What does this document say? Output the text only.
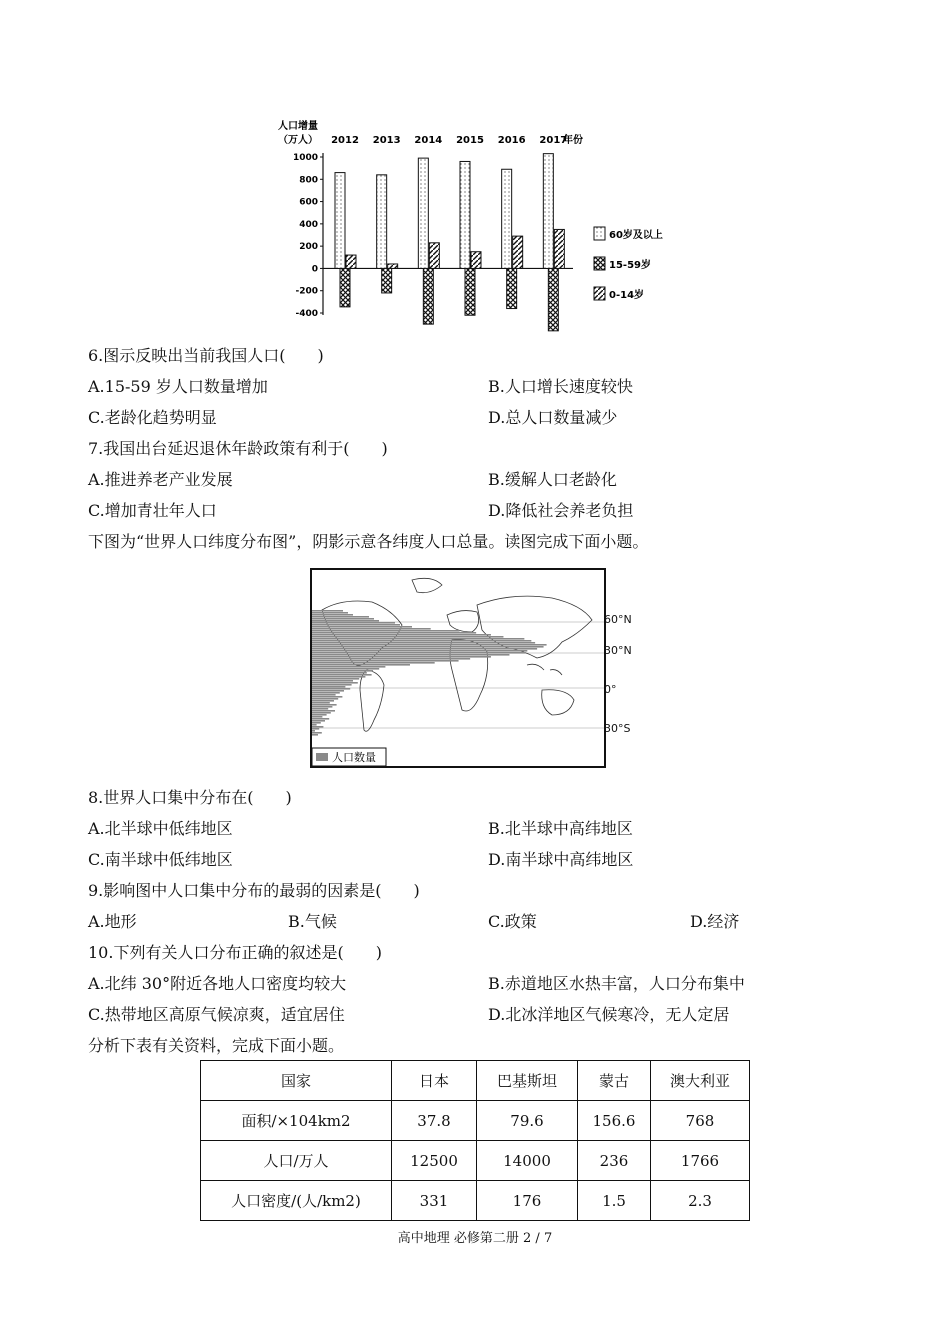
人口增量
（万人）	年份
1000
800
600
400
200
0
-200
-400
2012 2013 2014 2015 2016 2017
60岁及以上
15-59岁
0-14岁
6.图示反映出当前我国人口(　　)
A.15-59 岁人口数量增加	B.人口增长速度较快
C.老龄化趋势明显	D.总人口数量减少
7.我国出台延迟退休年龄政策有利于(　　)
A.推进养老产业发展	B.缓解人口老龄化
C.增加青壮年人口	D.降低社会养老负担
下图为“世界人口纬度分布图”，阴影示意各纬度人口总量。读图完成下面小题。
人口数量
60°N
30°N
0°
30°S
8.世界人口集中分布在(　　)
A.北半球中低纬地区	B.北半球中高纬地区
C.南半球中低纬地区	D.南半球中高纬地区
9.影响图中人口集中分布的最弱的因素是(　　)
A.地形	B.气候	C.政策	D.经济
10.下列有关人口分布正确的叙述是(　　)
A.北纬 30°附近各地人口密度均较大	B.赤道地区水热丰富，人口分布集中
C.热带地区高原气候凉爽，适宜居住	D.北冰洋地区气候寒冷，无人定居
分析下表有关资料，完成下面小题。
国家	日本	巴基斯坦	蒙古	澳大利亚
面积/×104km2	37.8	79.6	156.6	768
人口/万人	12500	14000	236	1766
人口密度/(人/km2)	331	176	1.5	2.3
高中地理 必修第二册 2 / 7
